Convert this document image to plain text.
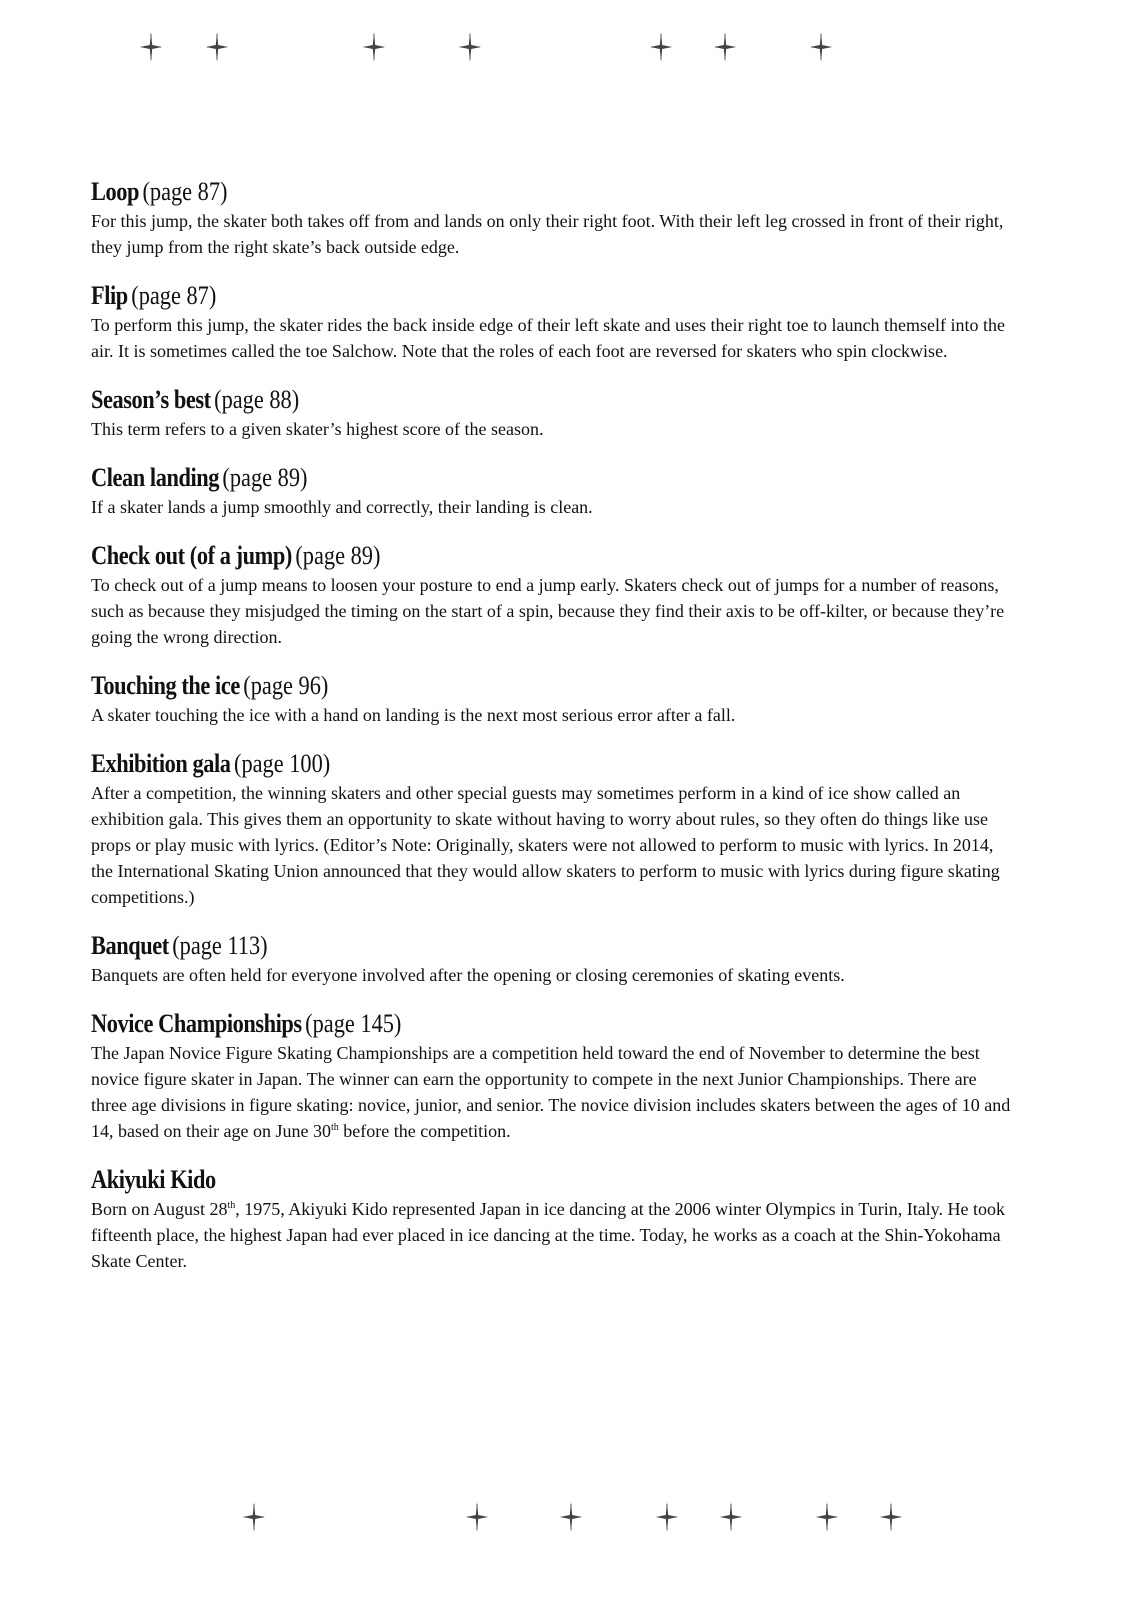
Loop (page 87)

For this jump, the skater both takes off from and lands on only their right foot. With their left leg crossed in front of their right, they jump from the right skate’s back outside edge.

Flip (page 87)

To perform this jump, the skater rides the back inside edge of their left skate and uses their right toe to launch themself into the air. It is sometimes called the toe Salchow. Note that the roles of each foot are reversed for skaters who spin clockwise.

Season’s best (page 88)

This term refers to a given skater’s highest score of the season.

Clean landing (page 89)

If a skater lands a jump smoothly and correctly, their landing is clean.

Check out (of a jump) (page 89)

To check out of a jump means to loosen your posture to end a jump early. Skaters check out of jumps for a number of reasons, such as because they misjudged the timing on the start of a spin, because they find their axis to be off-kilter, or because they’re going the wrong direction.

Touching the ice (page 96)

A skater touching the ice with a hand on landing is the next most serious error after a fall.

Exhibition gala (page 100)

After a competition, the winning skaters and other special guests may sometimes perform in a kind of ice show called an exhibition gala. This gives them an opportunity to skate without having to worry about rules, so they often do things like use props or play music with lyrics. (Editor’s Note: Originally, skaters were not allowed to perform to music with lyrics. In 2014, the International Skating Union announced that they would allow skaters to perform to music with lyrics during figure skating competitions.)

Banquet (page 113)

Banquets are often held for everyone involved after the opening or closing ceremonies of skating events.

Novice Championships (page 145)

The Japan Novice Figure Skating Championships are a competition held toward the end of November to determine the best novice figure skater in Japan. The winner can earn the opportunity to compete in the next Junior Championships. There are three age divisions in figure skating: novice, junior, and senior. The novice division includes skaters between the ages of 10 and 14, based on their age on June 30th before the competition.

Akiyuki Kido

Born on August 28th, 1975, Akiyuki Kido represented Japan in ice dancing at the 2006 winter Olympics in Turin, Italy. He took fifteenth place, the highest Japan had ever placed in ice dancing at the time. Today, he works as a coach at the Shin-Yokohama Skate Center.
